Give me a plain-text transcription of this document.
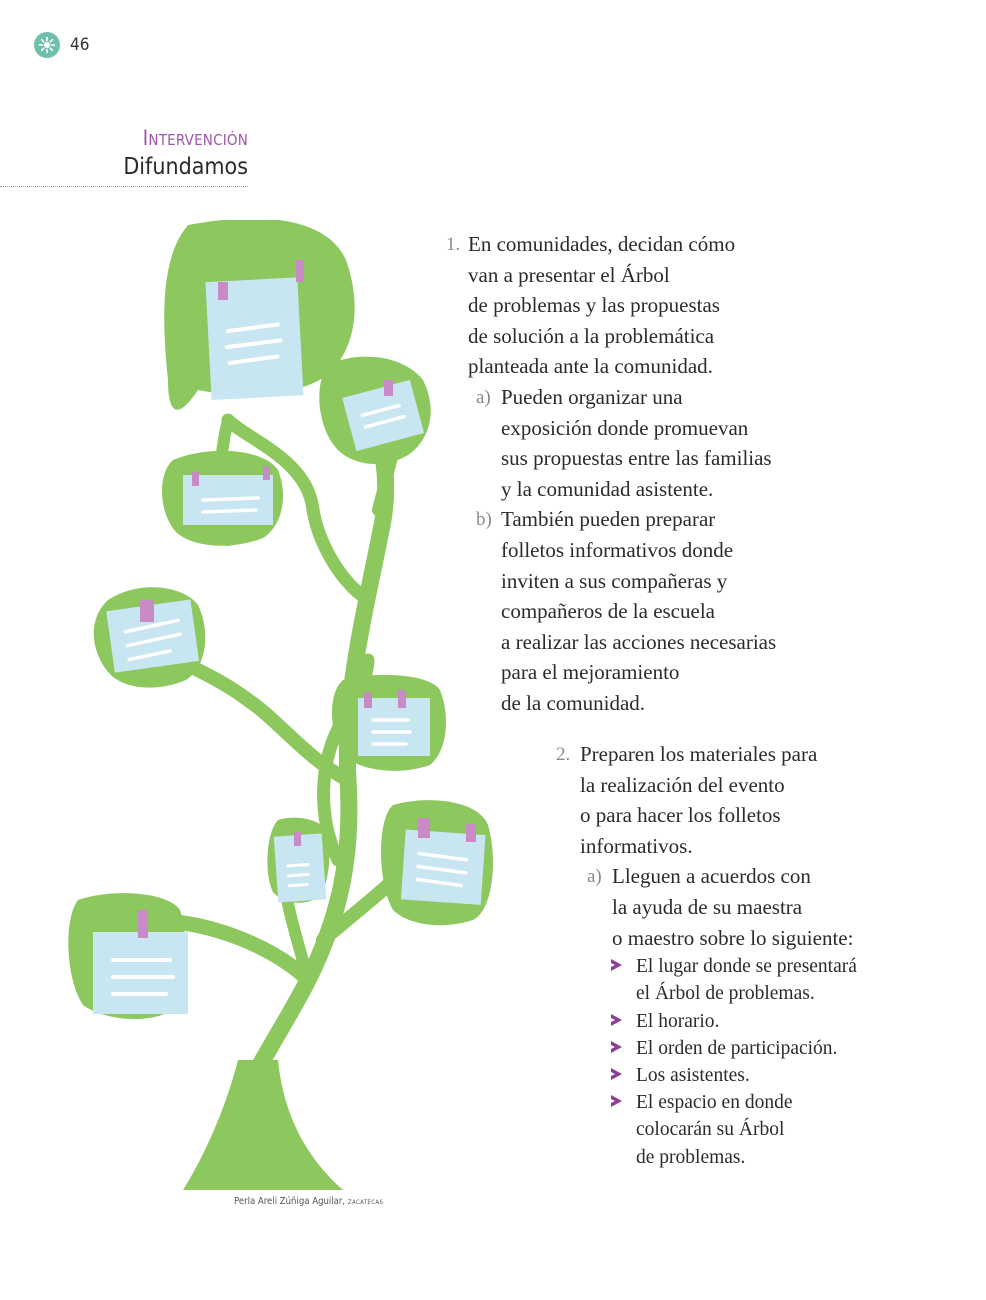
46
Intervención
Difundamos
Perla Areli Zúñiga Aguilar, zacatecas
1. En comunidades, decidan cómo
van a presentar el Árbol
de problemas y las propuestas
de solución a la problemática
planteada ante la comunidad.
a) Pueden organizar una
exposición donde promuevan
sus propuestas entre las familias
y la comunidad asistente.
b) También pueden preparar
folletos informativos donde
inviten a sus compañeras y
compañeros de la escuela
a realizar las acciones necesarias
para el mejoramiento
de la comunidad.
2. Preparen los materiales para
la realización del evento
o para hacer los folletos
informativos.
a) Lleguen a acuerdos con
la ayuda de su maestra
o maestro sobre lo siguiente:
El lugar donde se presentará
el Árbol de problemas.
El horario.
El orden de participación.
Los asistentes.
El espacio en donde
colocarán su Árbol
de problemas.
